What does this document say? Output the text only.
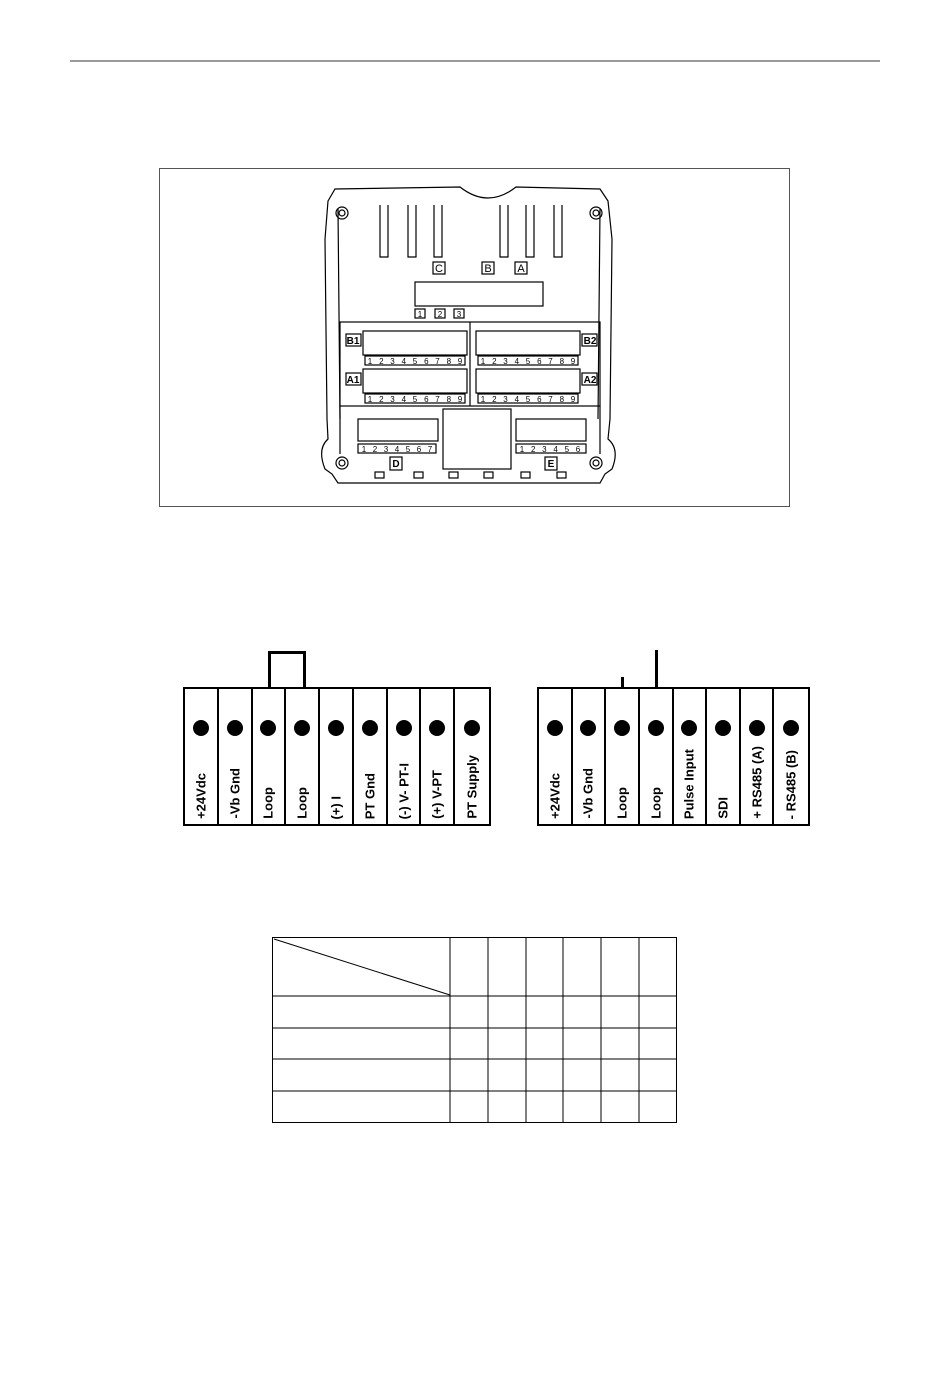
C	B A
1 2 3
B1	B2
A1	A2
D	E
1 2 3 4 5 6 7 8 9 1 2 3 4 5 6 7 8 9
1 2 3 4 5 6 7 8 9 1 2 3 4 5 6 7 8 9
1 2 3 4 5 6 7	1 2 3 4 5 6
+24Vdc -Vb Gnd Loop Loop (+) I PT Gnd (-) V- PT-I (+) V-PT PT Supply	+24Vdc -Vb Gnd Loop Loop Pulse Input SDI + RS485 (A) - RS485 (B)
